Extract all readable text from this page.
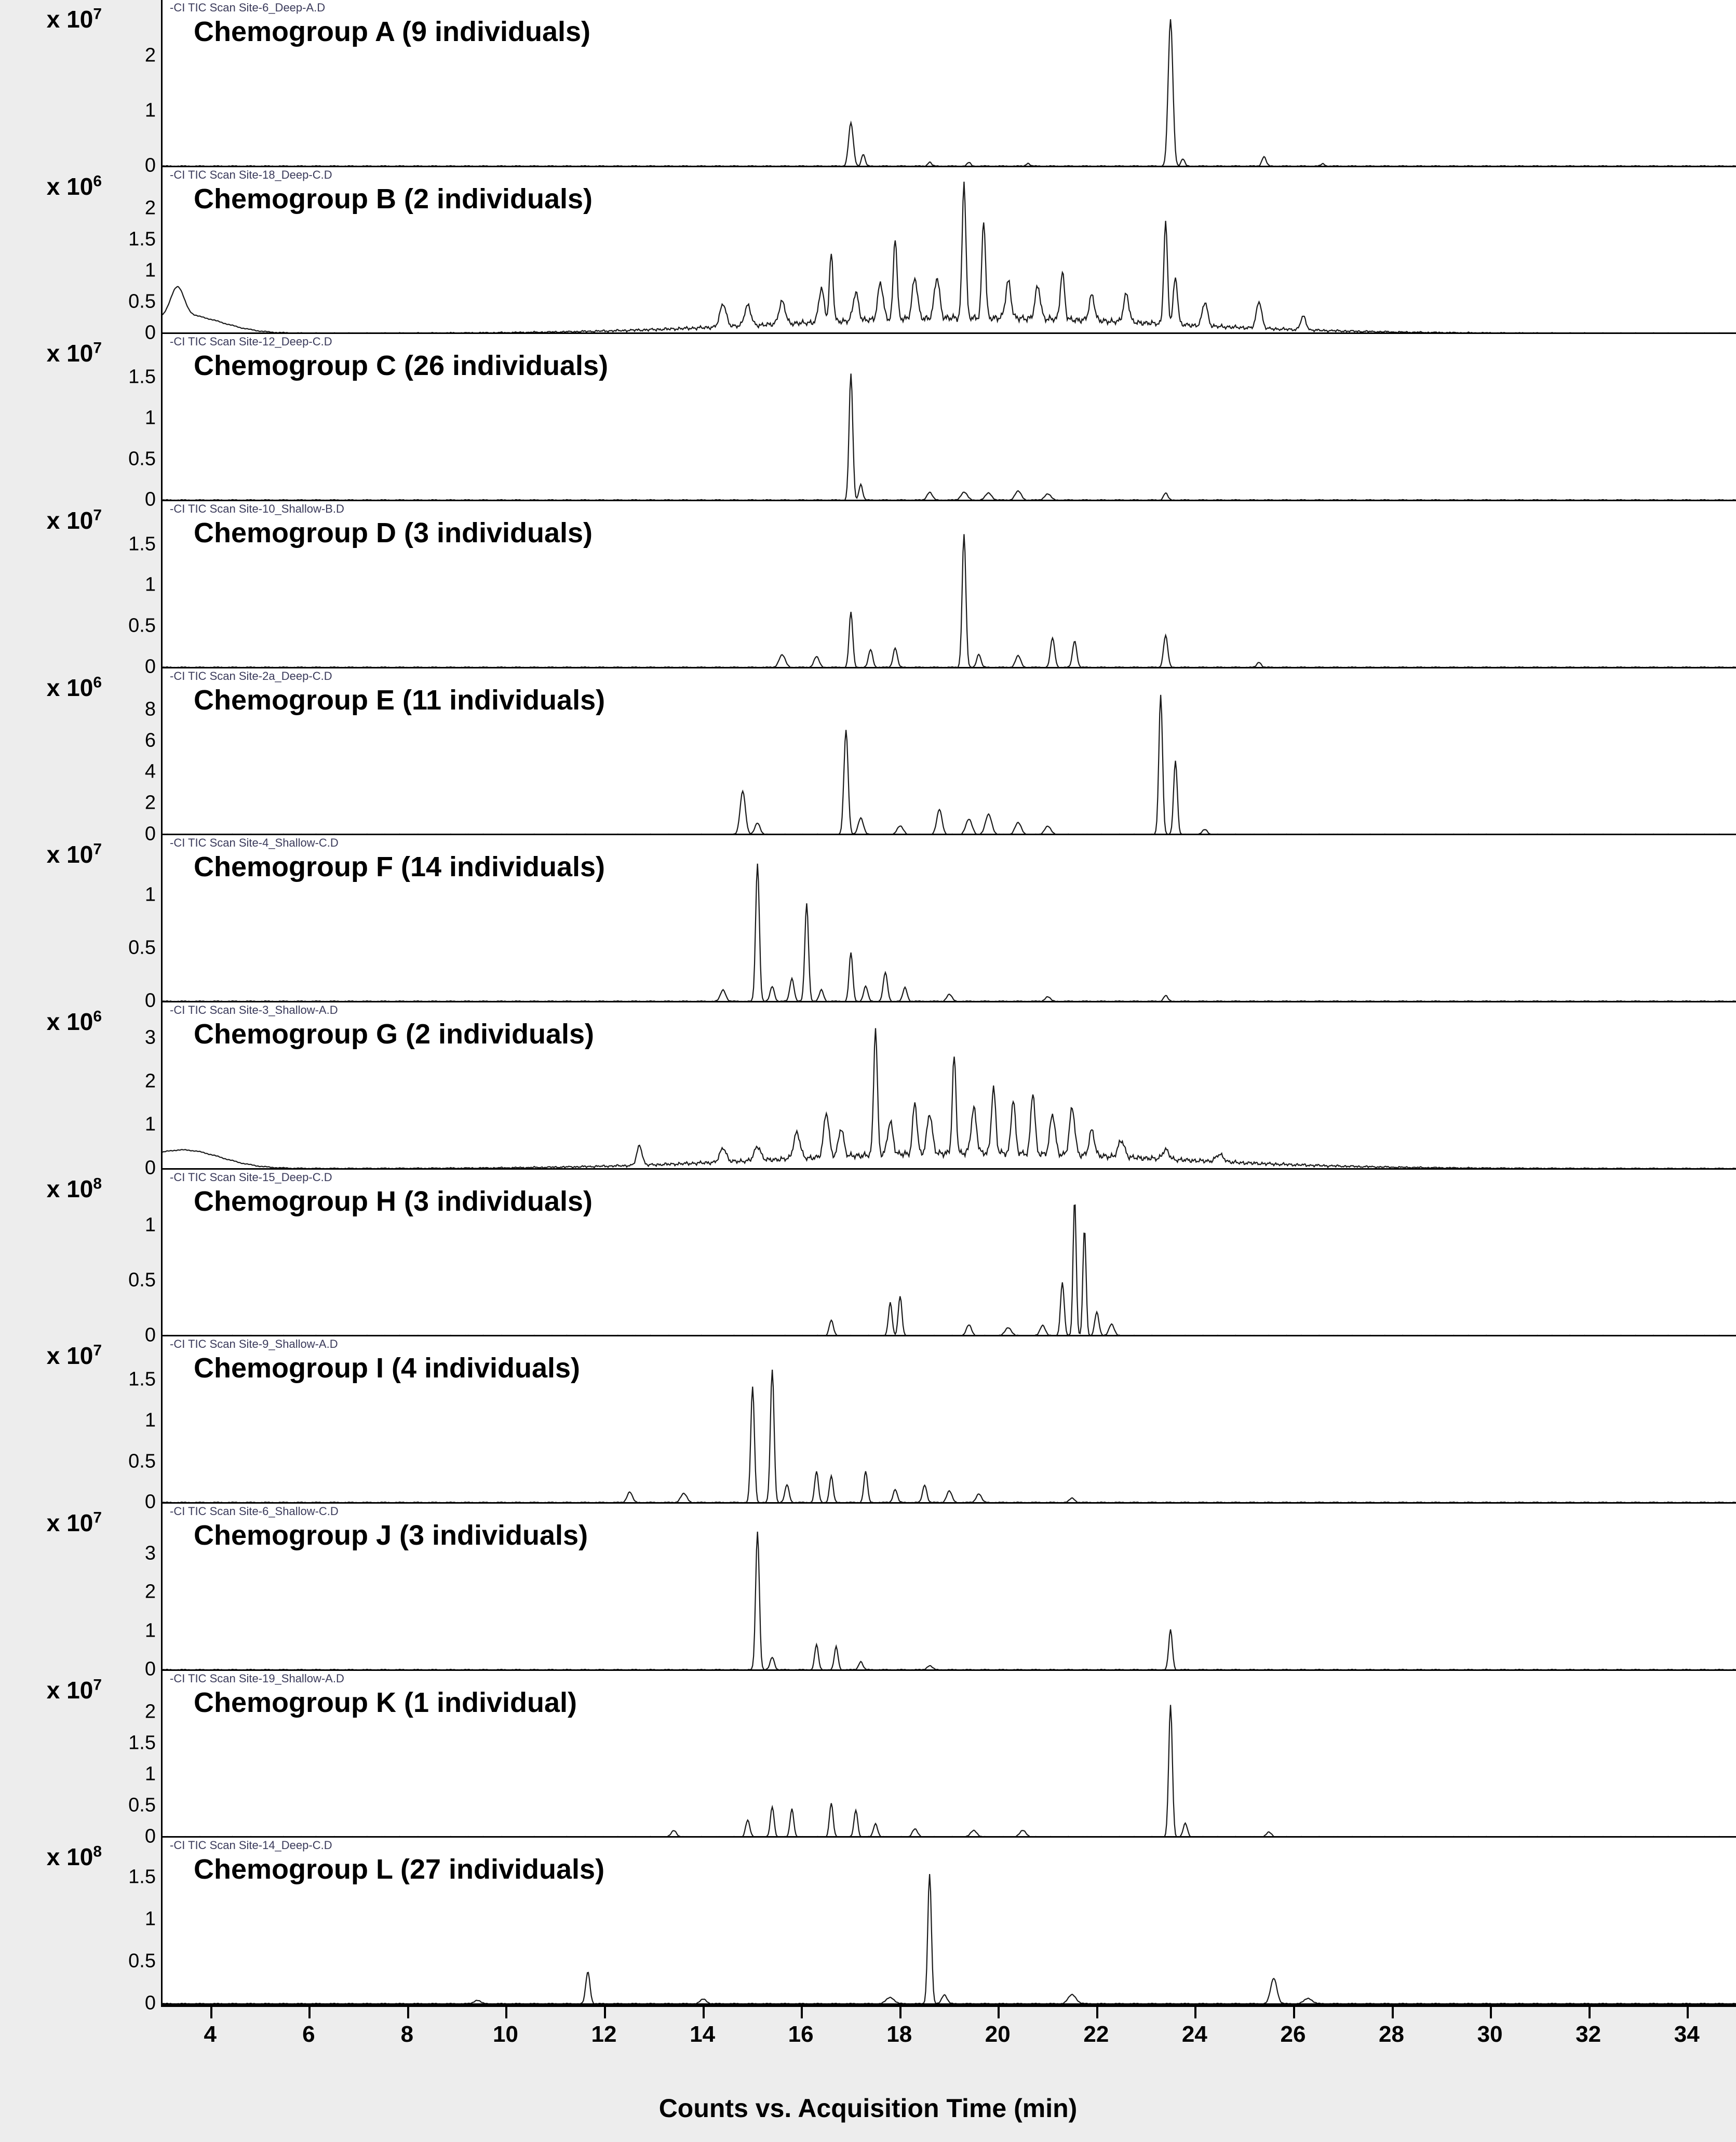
x $10^7$
0
1
2
-CI TIC Scan Site-6_Deep-A.D
Chemogroup A (9 individuals)
x $10^6$
0
0.5
1
1.5
2
-CI TIC Scan Site-18_Deep-C.D
Chemogroup B (2 individuals)
x $10^7$
0
0.5
1
1.5
-CI TIC Scan Site-12_Deep-C.D
Chemogroup C (26 individuals)
x $10^7$
0
0.5
1
1.5
-CI TIC Scan Site-10_Shallow-B.D
Chemogroup D (3 individuals)
x $10^6$
0
2
4
6
8
-CI TIC Scan Site-2a_Deep-C.D
Chemogroup E (11 individuals)
x $10^7$
0
0.5
1
-CI TIC Scan Site-4_Shallow-C.D
Chemogroup F (14 individuals)
x $10^6$
0
1
2
3
-CI TIC Scan Site-3_Shallow-A.D
Chemogroup G (2 individuals)
x $10^8$
0
0.5
1
-CI TIC Scan Site-15_Deep-C.D
Chemogroup H (3 individuals)
x $10^7$
0
0.5
1
1.5
-CI TIC Scan Site-9_Shallow-A.D
Chemogroup I (4 individuals)
x $10^7$
0
1
2
3
-CI TIC Scan Site-6_Shallow-C.D
Chemogroup J (3 individuals)
x $10^7$
0
0.5
1
1.5
2
-CI TIC Scan Site-19_Shallow-A.D
Chemogroup K (1 individual)
x $10^8$
0
0.5
1
1.5
-CI TIC Scan Site-14_Deep-C.D
Chemogroup L (27 individuals)
4	6	8	10	12	14	16	18	20	22	24	26	28	30	32	34
Counts vs. Acquisition Time (min)
